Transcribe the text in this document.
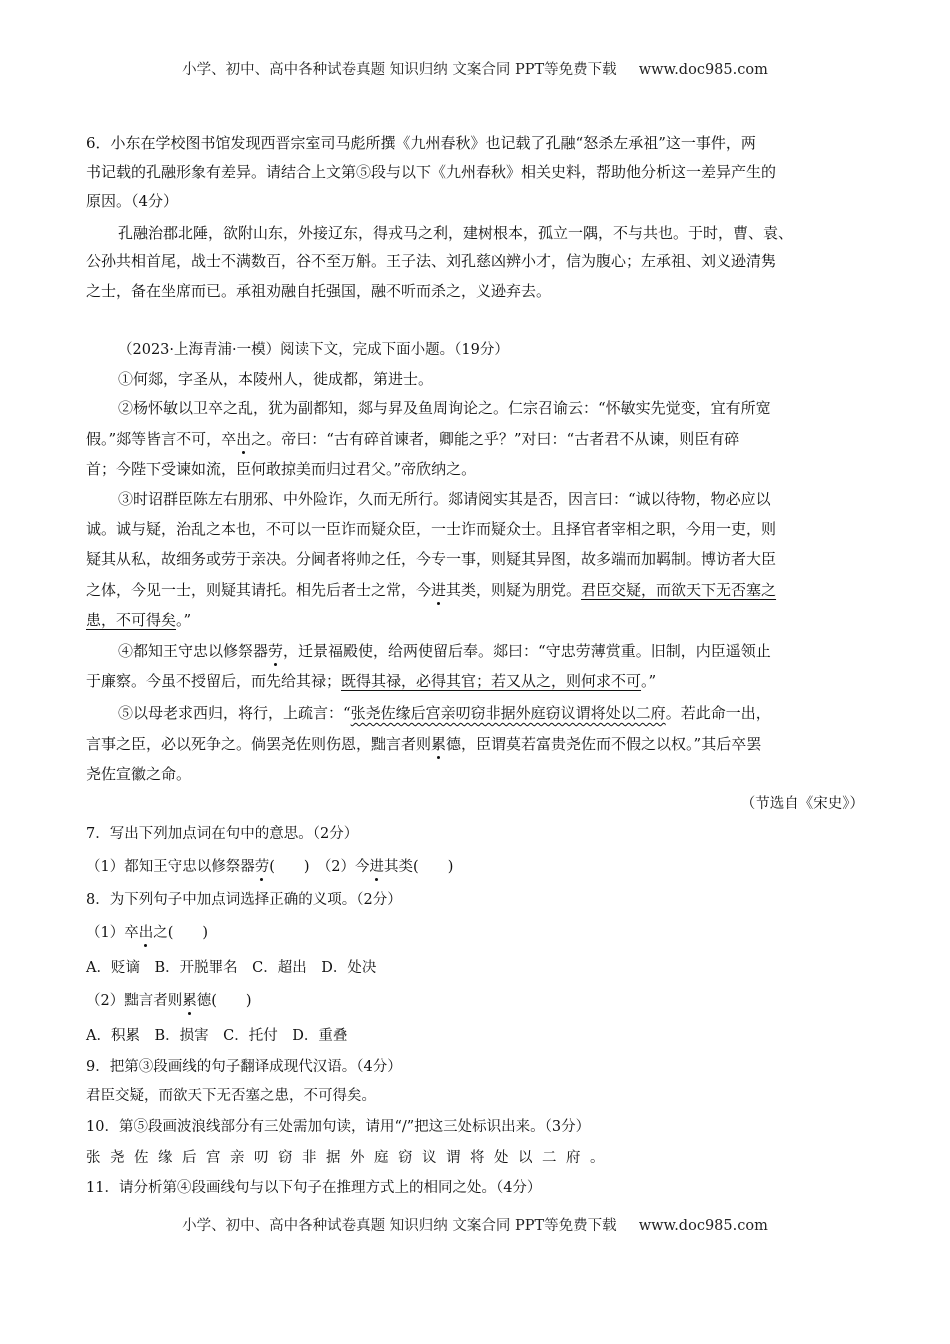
小学、初中、高中各种试卷真题 知识归纳 文案合同 PPT等免费下载 www.doc985.com
6．小东在学校图书馆发现西晋宗室司马彪所撰《九州春秋》也记载了孔融“怒杀左承祖”这一事件，两
书记载的孔融形象有差异。请结合上文第⑤段与以下《九州春秋》相关史料，帮助他分析这一差异产生的
原因。（4分）
孔融治郡北陲，欲附山东，外接辽东，得戎马之利，建树根本，孤立一隅，不与共也。于时，曹、袁、
公孙共相首尾，战士不满数百，谷不至万斛。王子法、刘孔慈凶辨小才，信为腹心；左承祖、刘义逊清隽
之士，备在坐席而已。承祖劝融自托强国，融不听而杀之，义逊弃去。
（2023·上海青浦·一模）阅读下文，完成下面小题。（19分）
①何郯，字圣从，本陵州人，徙成都，第进士。
②杨怀敏以卫卒之乱，犹为副都知，郯与昇及鱼周询论之。仁宗召谕云：“怀敏实先觉变，宜有所宽
假。”郯等皆言不可，卒出之。帝曰：“古有碎首谏者，卿能之乎？”对曰：“古者君不从谏，则臣有碎
首；今陛下受谏如流，臣何敢掠美而归过君父。”帝欣纳之。
③时诏群臣陈左右朋邪、中外险诈，久而无所行。郯请阅实其是否，因言曰：“诚以待物，物必应以
诚。诚与疑，治乱之本也，不可以一臣诈而疑众臣，一士诈而疑众士。且择官者宰相之职，今用一吏，则
疑其从私，故细务或劳于亲决。分阃者将帅之任，今专一事，则疑其异图，故多端而加羁制。博访者大臣
之体，今见一士，则疑其请托。相先后者士之常，今进其类，则疑为朋党。君臣交疑，而欲天下无否塞之
患，不可得矣。”
④都知王守忠以修祭器劳，迁景福殿使，给两使留后奉。郯曰：“守忠劳薄赏重。旧制，内臣遥领止
于廉察。今虽不授留后，而先给其禄；既得其禄，必得其官；若又从之，则何求不可。”
⑤以母老求西归，将行，上疏言：“张尧佐缘后宫亲叨窃非据外庭窃议谓将处以二府。若此命一出，
言事之臣，必以死争之。倘罢尧佐则伤恩，黜言者则累德，臣谓莫若富贵尧佐而不假之以权。”其后卒罢
尧佐宣徽之命。
（节选自《宋史》）
7．写出下列加点词在句中的意思。（2分）
（1）都知王守忠以修祭器劳(　　)　 （2）今进其类(　　)
8．为下列句子中加点词选择正确的义项。（2分）
（1）卒出之(　　)
A．贬谪　B．开脱罪名　C．超出　D．处决
（2）黜言者则累德(　　)
A．积累　B．损害　C．托付　D．重叠
9．把第③段画线的句子翻译成现代汉语。（4分）
君臣交疑，而欲天下无否塞之患，不可得矣。
10．第⑤段画波浪线部分有三处需加句读，请用“/”把这三处标识出来。（3分）
张尧佐缘后宫亲叨窃非据外庭窃议谓将处以二府。
11．请分析第④段画线句与以下句子在推理方式上的相同之处。（4分）
小学、初中、高中各种试卷真题 知识归纳 文案合同 PPT等免费下载 www.doc985.com
